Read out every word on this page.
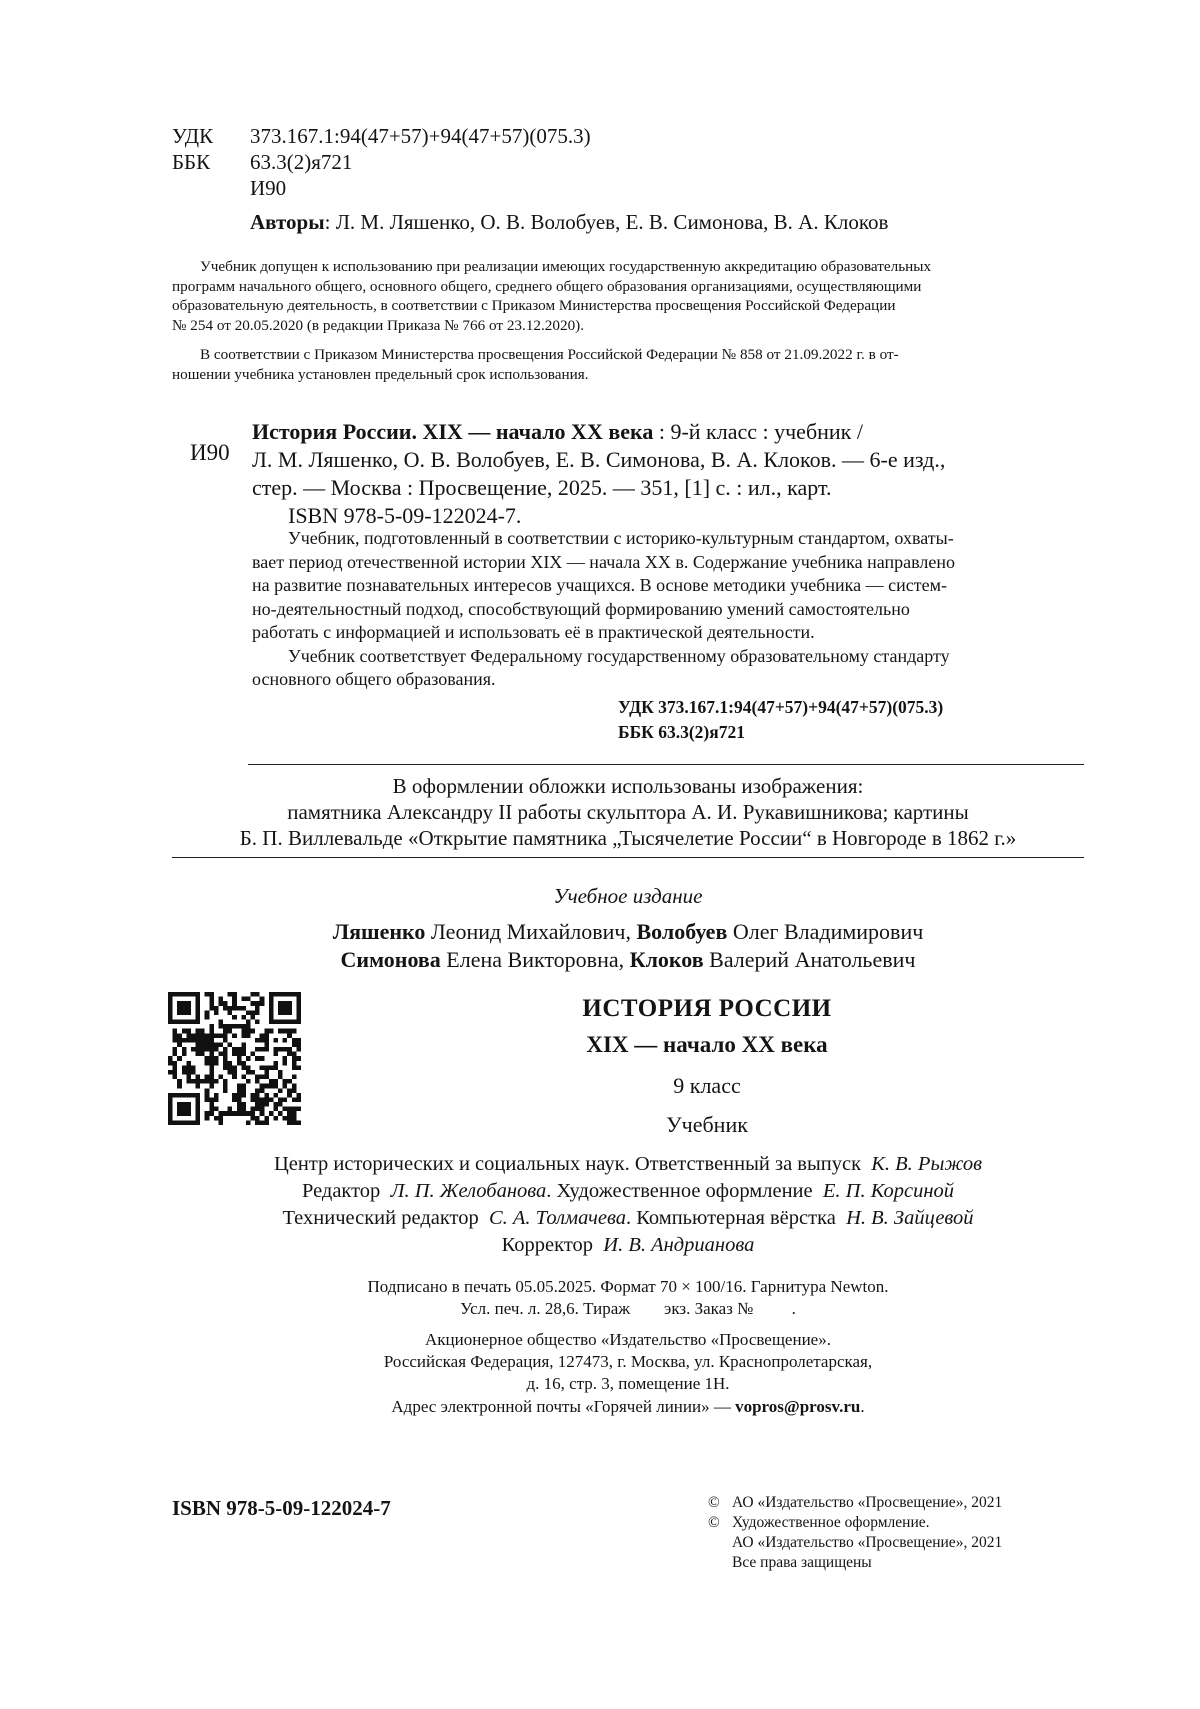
УДК 373.167.1:94(47+57)+94(47+57)(075.3)
ББК 63.3(2)я721
И90
Авторы: Л. М. Ляшенко, О. В. Волобуев, Е. В. Симонова, В. А. Клоков
Учебник допущен к использованию при реализации имеющих государственную аккредитацию образовательных
программ начального общего, основного общего, среднего общего образования организациями, осуществляющими
образовательную деятельность, в соответствии с Приказом Министерства просвещения Российской Федерации
№ 254 от 20.05.2020 (в редакции Приказа № 766 от 23.12.2020).
В соответствии с Приказом Министерства просвещения Российской Федерации № 858 от 21.09.2022 г. в от-
ношении учебника установлен предельный срок использования.
И90
История России. XIX — начало XX века : 9-й класс : учебник /
Л. М. Ляшенко, О. В. Волобуев, Е. В. Симонова, В. А. Клоков. — 6-е изд.,
стер. — Москва : Просвещение, 2025. — 351, [1] с. : ил., карт.
ISBN 978-5-09-122024-7.
Учебник, подготовленный в соответствии с историко-культурным стандартом, охваты-
вает период отечественной истории XIX — начала XX в. Содержание учебника направлено
на развитие познавательных интересов учащихся. В основе методики учебника — систем-
но-деятельностный подход, способствующий формированию умений самостоятельно
работать с информацией и использовать её в практической деятельности.
Учебник соответствует Федеральному государственному образовательному стандарту
основного общего образования.
УДК 373.167.1:94(47+57)+94(47+57)(075.3)
ББК 63.3(2)я721
В оформлении обложки использованы изображения:
памятника Александру II работы скульптора А. И. Рукавишникова; картины
Б. П. Виллевальде «Открытие памятника „Тысячелетие России“ в Новгороде в 1862 г.»
Учебное издание
Ляшенко Леонид Михайлович, Волобуев Олег Владимирович
Симонова Елена Викторовна, Клоков Валерий Анатольевич
ИСТОРИЯ РОССИИ
XIX — начало XX века
9 класс
Учебник
Центр исторических и социальных наук. Ответственный за выпуск К. В. Рыжов
Редактор Л. П. Желобанова. Художественное оформление Е. П. Корсиной
Технический редактор С. А. Толмачева. Компьютерная вёрстка Н. В. Зайцевой
Корректор И. В. Андрианова
Подписано в печать 05.05.2025. Формат 70 × 100/16. Гарнитура Newton.
Усл. печ. л. 28,6. Тираж        экз. Заказ №         .
Акционерное общество «Издательство «Просвещение».
Российская Федерация, 127473, г. Москва, ул. Краснопролетарская,
д. 16, стр. 3, помещение 1Н.
Адрес электронной почты «Горячей линии» — vopros@prosv.ru.
ISBN 978-5-09-122024-7	© АО «Издательство «Просвещение», 2021
© Художественное оформление.
АО «Издательство «Просвещение», 2021
Все права защищены
